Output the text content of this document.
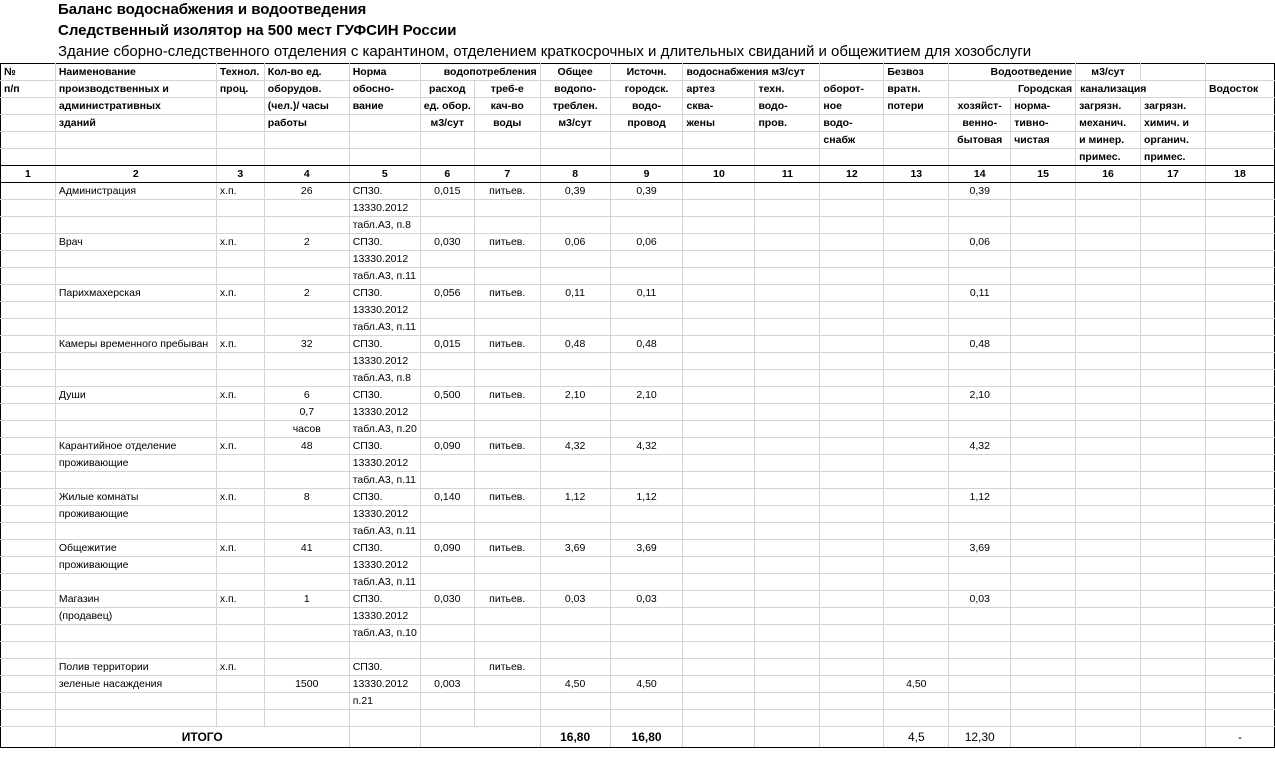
Баланс водоснабжения и водоотведения
Следственный изолятор на 500 мест ГУФСИН России
Здание сборно-следственного отделения с карантином, отделением краткосрочных и длительных свиданий и общежитием для хозобслуги
№	Наименование	Технол.	Кол-во ед.	Норма	водопотребления		Общее	Источн.	водоснабжения м3/сут			Безвоз	Водоотведение		м3/сут		
п/п	производственных и	проц.	оборудов.	обосно-	расход	треб-е	водопо-	городск.	артез	техн.	оборот-	вратн.	Городская		канализация		Водосток
	административных		(чел.)/ часы	вание	ед. обор.	кач-во	треблен.	водо-	сква-	водо-	ное	потери	хозяйст-	норма-	загрязн.	загрязн.	
	зданий		работы		м3/сут	воды	м3/сут	провод	жены	пров.	водо-		венно-	тивно-	механич.	химич. и	
											снабж		бытовая	чистая	и минер.	органич.	
															примес.	примес.	
1	2	3	4	5	6	7	8	9	10	11	12	13	14	15	16	17	18
	Администрация	х.п.	26	СП30.	0,015	питьев.	0,39	0,39					0,39				
				13330.2012													
				табл.А3, п.8													
	Врач	х.п.	2	СП30.	0,030	питьев.	0,06	0,06					0,06				
				13330.2012													
				табл.А3, п.11													
	Парихмахерская	х.п.	2	СП30.	0,056	питьев.	0,11	0,11					0,11				
				13330.2012													
				табл.А3, п.11													
	Камеры временного пребыван	х.п.	32	СП30.	0,015	питьев.	0,48	0,48					0,48				
				13330.2012													
				табл.А3, п.8													
	Души	х.п.	6	СП30.	0,500	питьев.	2,10	2,10					2,10				
			0,7	13330.2012													
			часов	табл.А3, п.20													
	Карантийное отделение	х.п.	48	СП30.	0,090	питьев.	4,32	4,32					4,32				
	проживающие			13330.2012													
				табл.А3, п.11													
	Жилые комнаты	х.п.	8	СП30.	0,140	питьев.	1,12	1,12					1,12				
	проживающие			13330.2012													
				табл.А3, п.11													
	Общежитие	х.п.	41	СП30.	0,090	питьев.	3,69	3,69					3,69				
	проживающие			13330.2012													
				табл.А3, п.11													
	Магазин	х.п.	1	СП30.	0,030	питьев.	0,03	0,03					0,03				
	(продавец)			13330.2012													
				табл.А3, п.10													

	Полив территории	х.п.		СП30.		питьев.											
	зеленые насаждения		1500	13330.2012	0,003		4,50	4,50				4,50					
				п.21													

	ИТОГО						16,80	16,80				4,5	12,30				-
